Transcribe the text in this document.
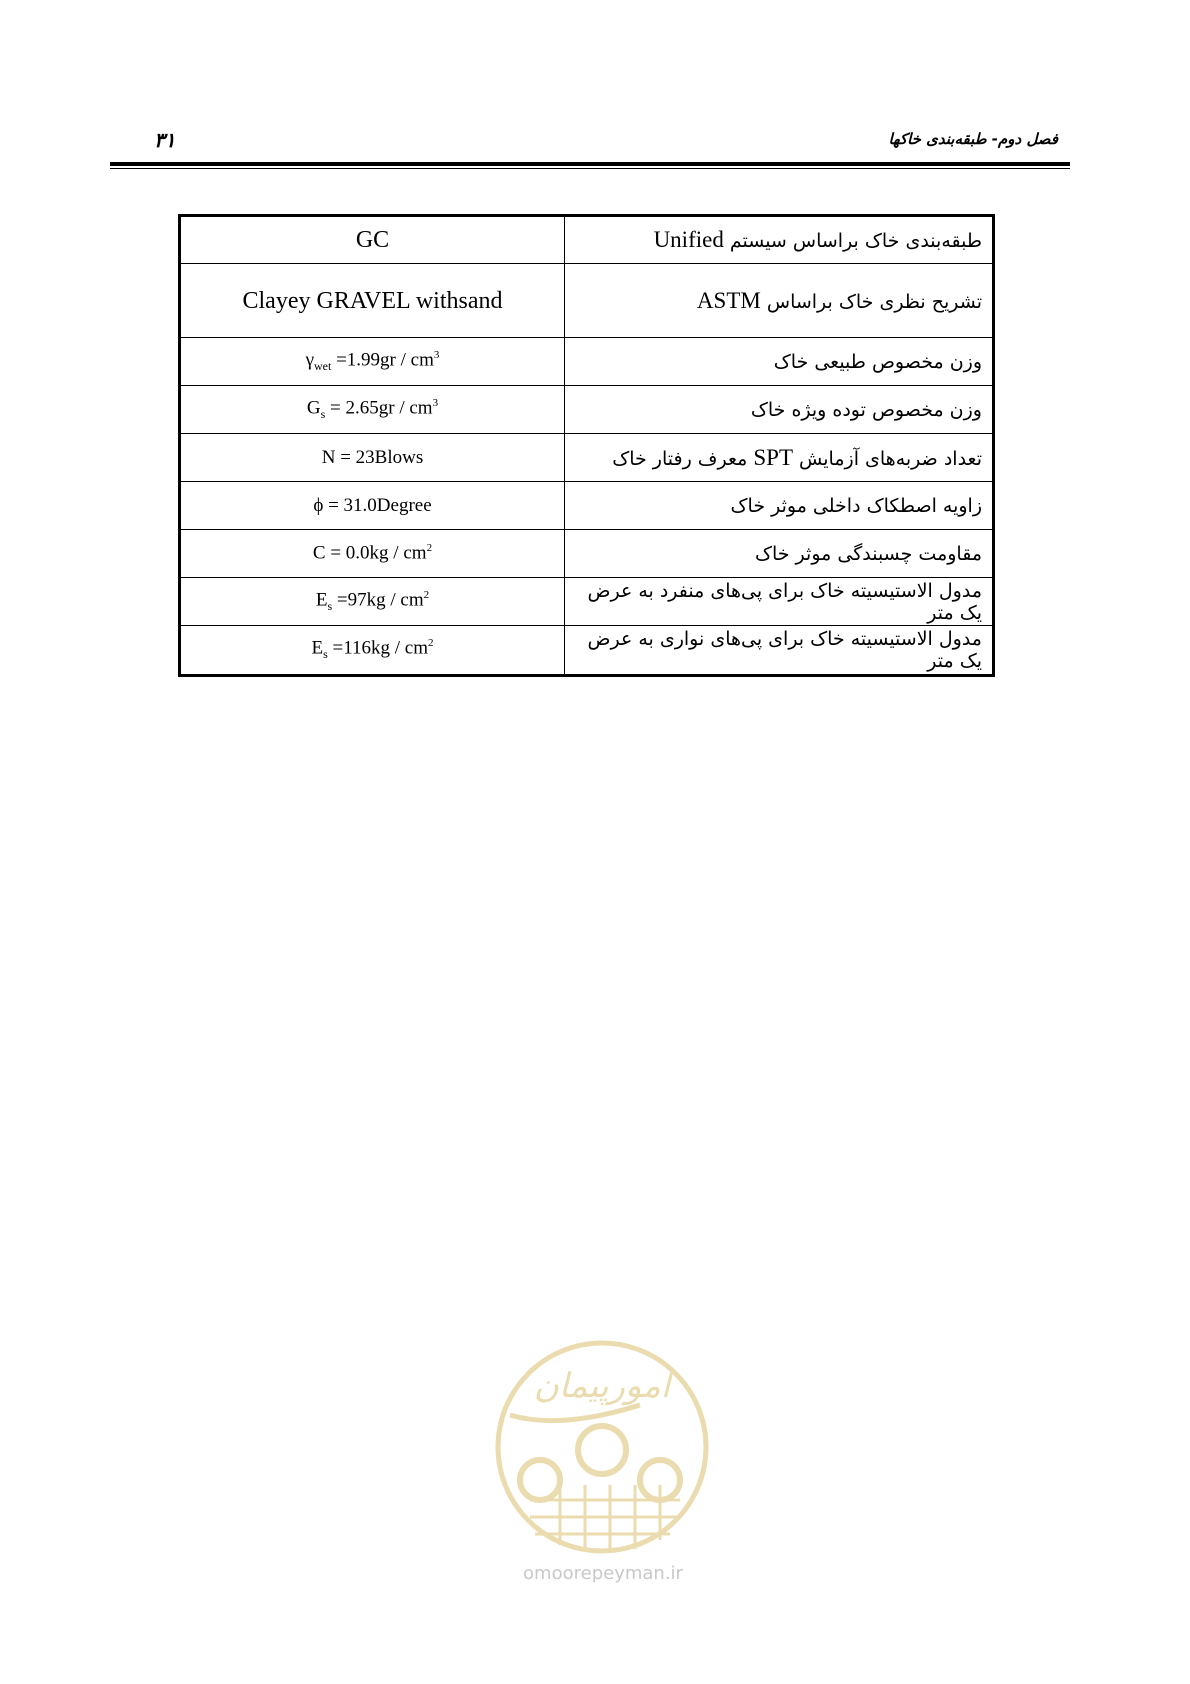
۳۱	فصل دوم- طبقه‌بندی خاکها
GC	طبقه‌بندی خاک براساس سیستم Unified
Clayey GRAVEL withsand	تشریح نظری خاک براساس ASTM
$\gamma_{wet} =1.99gr / cm^3$	وزن مخصوص طبیعی خاک
$G_s = 2.65gr / cm^3$	وزن مخصوص توده ویژه خاک
N = 23Blows	تعداد ضربه‌های آزمایش SPT معرف رفتار خاک
ϕ = 31.0Degree	زاویه اصطکاک داخلی موثر خاک
$C = 0.0kg / cm^2$	مقاومت چسبندگی موثر خاک
$E_s =97kg / cm^2$	مدول الاستیسیته خاک برای پی‌های منفرد به عرض یک متر
$E_s =116kg / cm^2$	مدول الاستیسیته خاک برای پی‌های نواری به عرض یک متر
امورپیمان
omoorepeyman.ir
